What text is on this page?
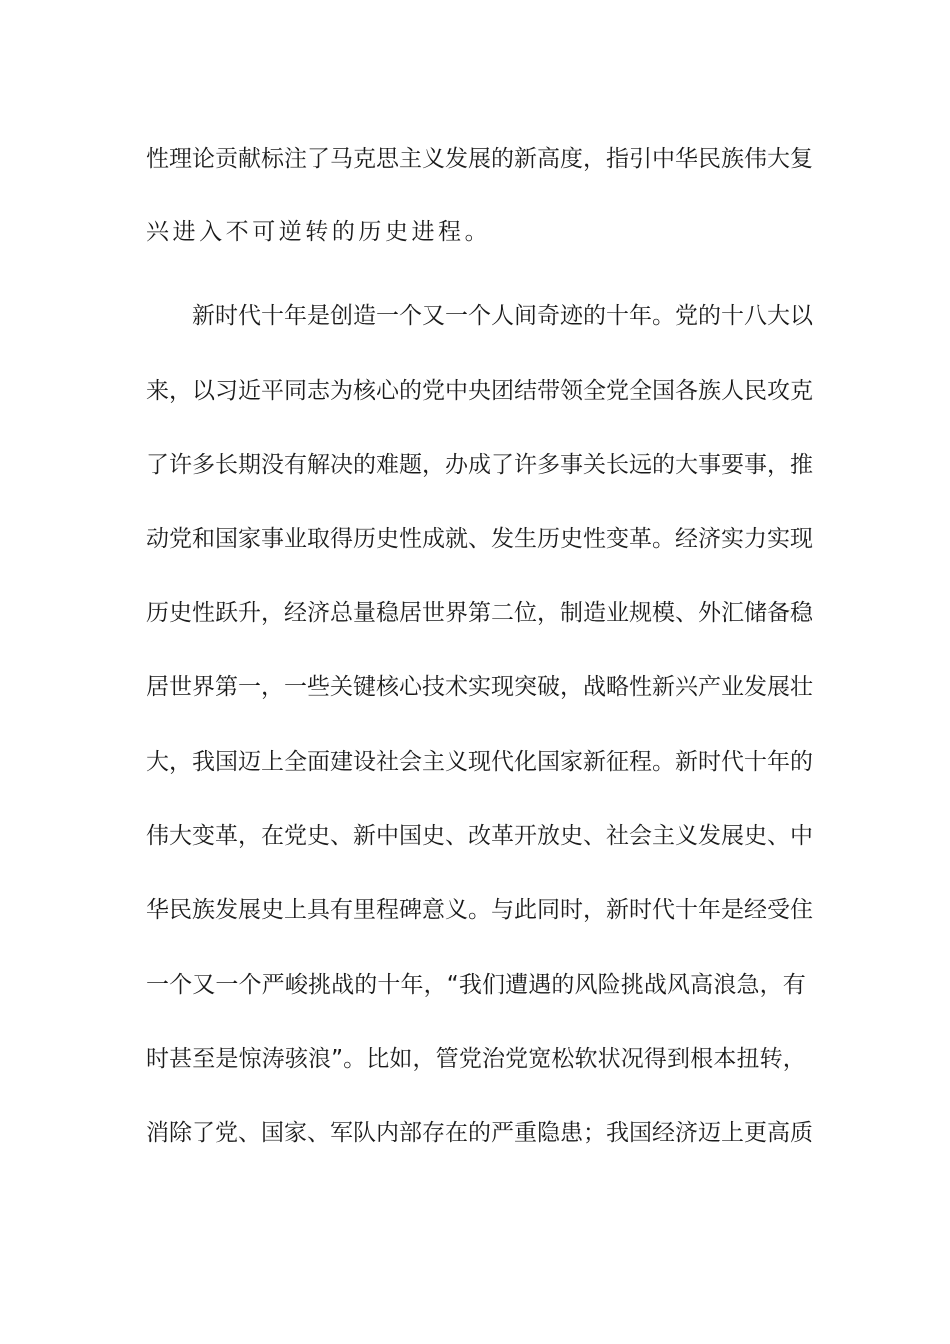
性理论贡献标注了马克思主义发展的新高度，指引中华民族伟大复
兴进入不可逆转的历史进程。
新时代十年是创造一个又一个人间奇迹的十年。党的十八大以
来，以习近平同志为核心的党中央团结带领全党全国各族人民攻克
了许多长期没有解决的难题，办成了许多事关长远的大事要事，推
动党和国家事业取得历史性成就、发生历史性变革。经济实力实现
历史性跃升，经济总量稳居世界第二位，制造业规模、外汇储备稳
居世界第一，一些关键核心技术实现突破，战略性新兴产业发展壮
大，我国迈上全面建设社会主义现代化国家新征程。新时代十年的
伟大变革，在党史、新中国史、改革开放史、社会主义发展史、中
华民族发展史上具有里程碑意义。与此同时，新时代十年是经受住
一个又一个严峻挑战的十年，“我们遭遇的风险挑战风高浪急，有
时甚至是惊涛骇浪”。比如，管党治党宽松软状况得到根本扭转，
消除了党、国家、军队内部存在的严重隐患；我国经济迈上更高质
